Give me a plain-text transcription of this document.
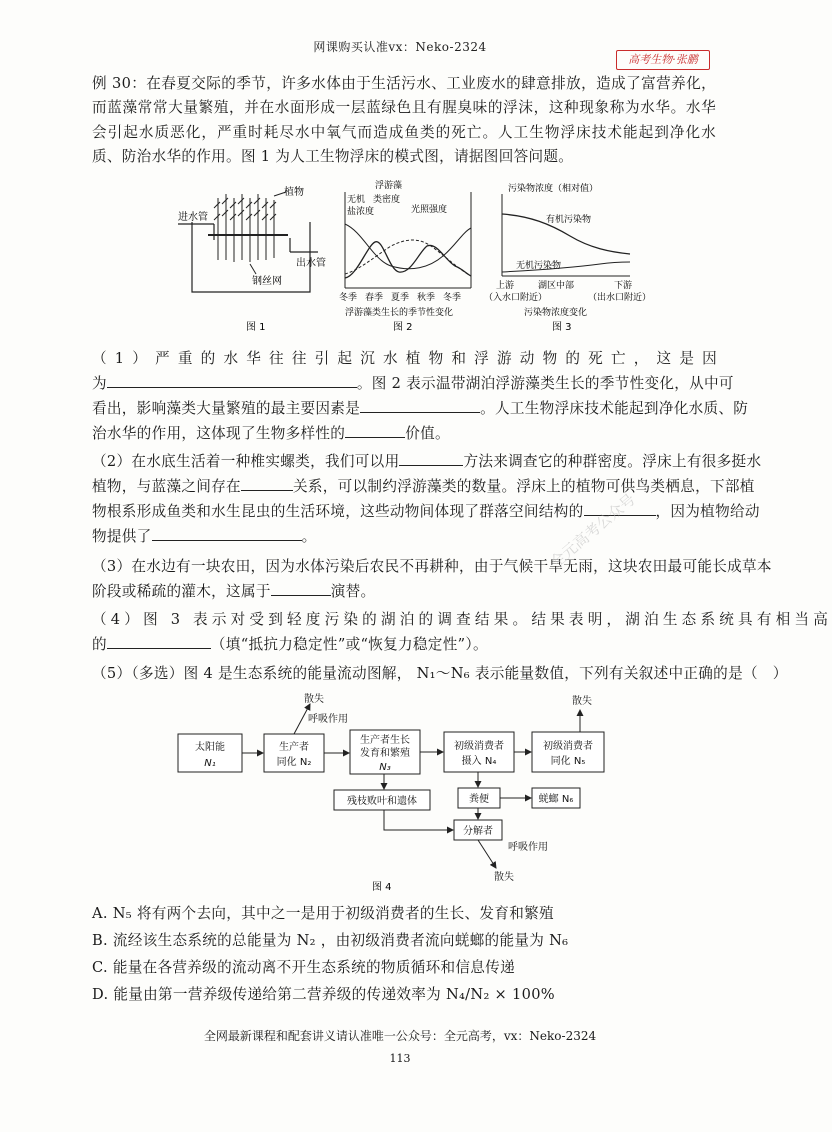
网课购买认准vx：Neko-2324
高考生物·张鹏
例 30：在春夏交际的季节，许多水体由于生活污水、工业废水的肆意排放，造成了富营养化，而蓝藻常常大量繁殖，并在水面形成一层蓝绿色且有腥臭味的浮沫，这种现象称为水华。水华会引起水质恶化，严重时耗尽水中氧气而造成鱼类的死亡。人工生物浮床技术能起到净化水质、防治水华的作用。图 1 为人工生物浮床的模式图，请据图回答问题。
植物
进水管
出水管
钢丝网
图 1
浮游藻
无机 类密度
光照强度
盐浓度
冬季 春季 夏季 秋季 冬季
浮游藻类生长的季节性变化
图 2
污染物浓度（相对值）
有机污染物
无机污染物
上游	湖区中部	下游
（入水口附近）	（出水口附近）
污染物浓度变化
图 3
（1）严重的水华往往引起沉水植物和浮游动物的死亡，这是因
为	。图 2 表示温带湖泊浮游藻类生长的季节性变化，从中可
看出，影响藻类大量繁殖的最主要因素是	。人工生物浮床技术能起到净化水质、防
治水华的作用，这体现了生物多样性的	价值。
（2）在水底生活着一种椎实螺类，我们可以用	方法来调查它的种群密度。浮床上有很多挺水
植物，与蓝藻之间存在	关系，可以制约浮游藻类的数量。浮床上的植物可供鸟类栖息，下部植
物根系形成鱼类和水生昆虫的生活环境，这些动物间体现了群落空间结构的	，因为植物给动
物提供了	。
（3）在水边有一块农田，因为水体污染后农民不再耕种，由于气候干旱无雨，这块农田最可能长成草本
阶段或稀疏的灌木，这属于	演替。
（4）图 3 表示对受到轻度污染的湖泊的调查结果。结果表明，湖泊生态系统具有相当高
的	（填“抵抗力稳定性”或“恢复力稳定性”）。
（5）（多选）图 4 是生态系统的能量流动图解， N₁～N₆ 表示能量数值，下列有关叙述中正确的是（　）
太阳能
N₁
生产者
同化 N₂
生产者生长
发育和繁殖
N₃
初级消费者
摄入 N₄
初级消费者
同化 N₅
残枝败叶和遗体	粪便	蜣螂 N₆
分解者
呼吸作用
散失	散失
呼吸作用
散失
图 4
A. N₅ 将有两个去向，其中之一是用于初级消费者的生长、发育和繁殖
B. 流经该生态系统的总能量为 N₂ ，由初级消费者流向蜣螂的能量为 N₆
C. 能量在各营养级的流动离不开生态系统的物质循环和信息传递
D. 能量由第一营养级传递给第二营养级的传递效率为 N₄/N₂ × 100%
全元高考公众号
全网最新课程和配套讲义请认准唯一公众号：全元高考，vx：Neko-2324
113
